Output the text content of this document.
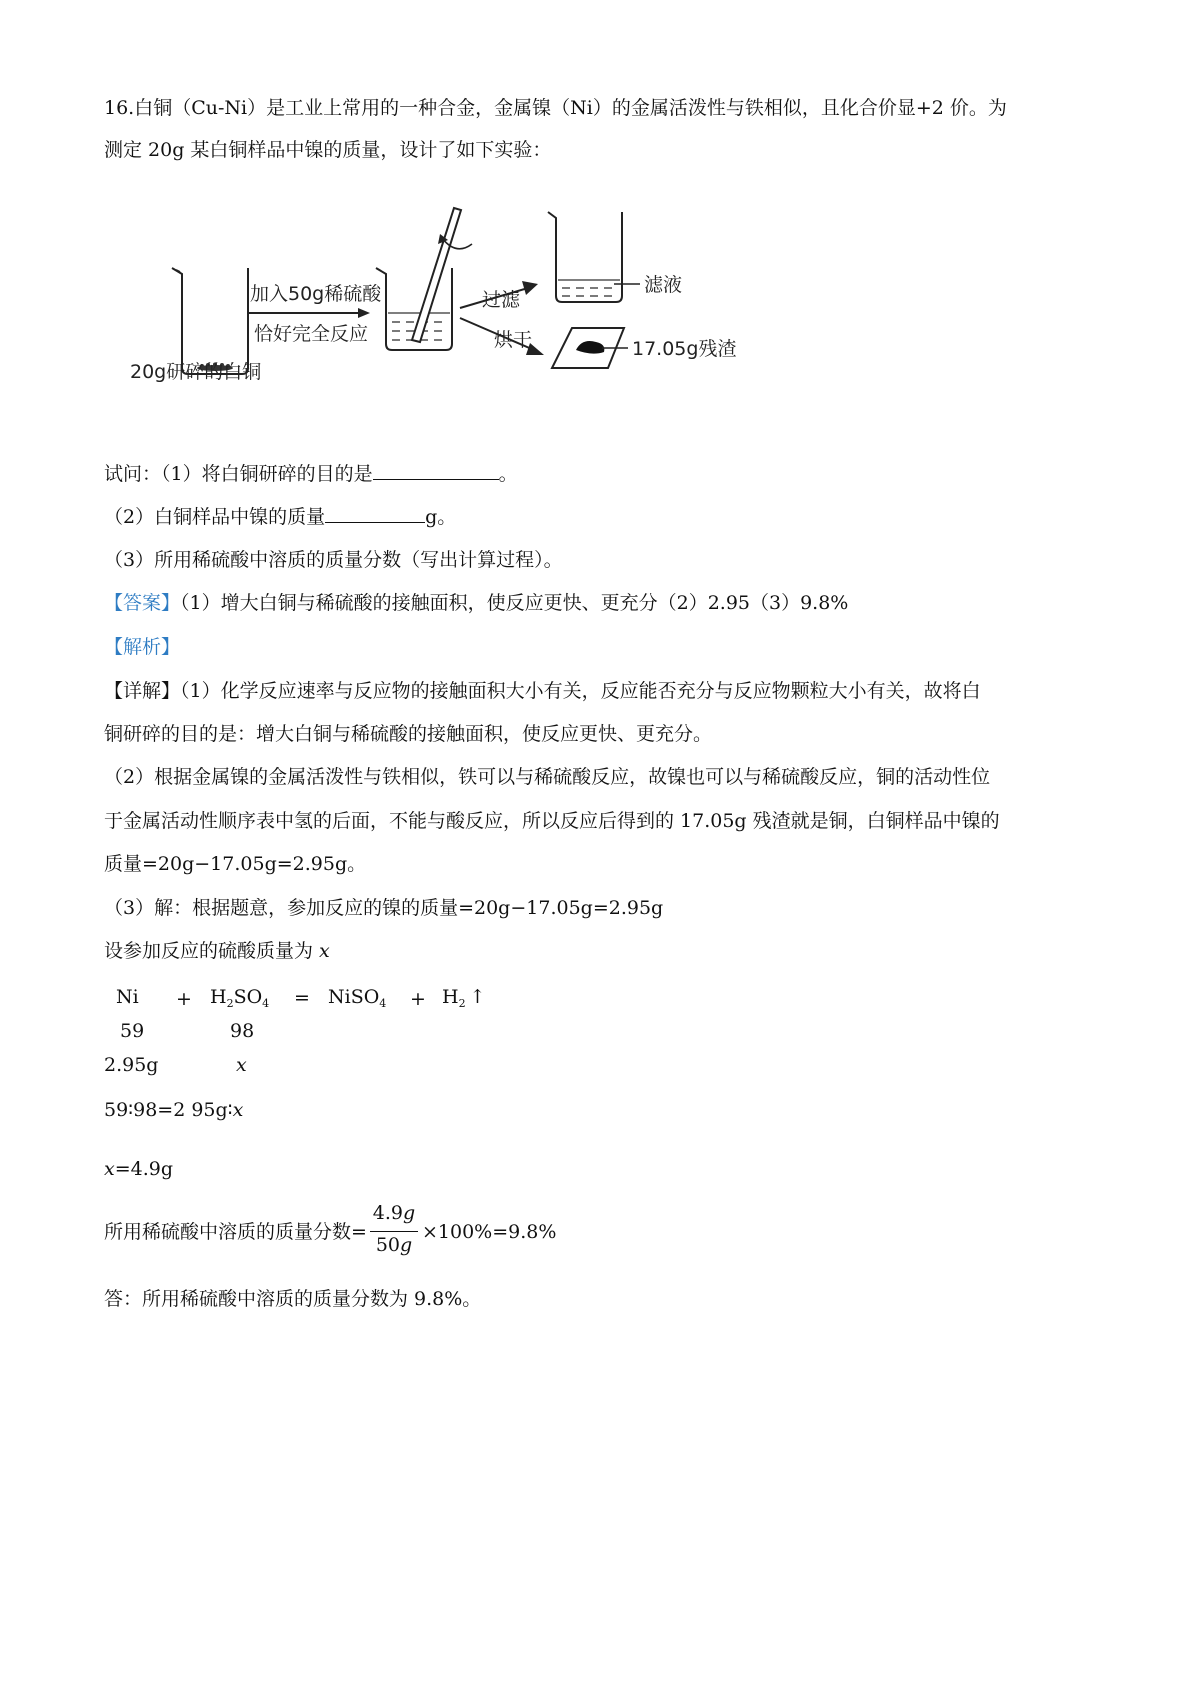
16.白铜（Cu-Ni）是工业上常用的一种合金，金属镍（Ni）的金属活泼性与铁相似，且化合价显+2 价。为
测定 20g 某白铜样品中镍的质量，设计了如下实验：
20g研碎的白铜
加入50g稀硫酸
恰好完全反应
过滤
烘干
滤液
17.05g残渣
试问：（1）将白铜研碎的目的是	。
（2）白铜样品中镍的质量	g。
（3）所用稀硫酸中溶质的质量分数（写出计算过程）。
【答案】（1）增大白铜与稀硫酸的接触面积，使反应更快、更充分（2）2.95（3）9.8%
【解析】
【详解】（1）化学反应速率与反应物的接触面积大小有关，反应能否充分与反应物颗粒大小有关，故将白
铜研碎的目的是：增大白铜与稀硫酸的接触面积，使反应更快、更充分。
（2）根据金属镍的金属活泼性与铁相似，铁可以与稀硫酸反应，故镍也可以与稀硫酸反应，铜的活动性位
于金属活动性顺序表中氢的后面，不能与酸反应，所以反应后得到的 17.05g 残渣就是铜，白铜样品中镍的
质量=20g−17.05g=2.95g。
（3）解：根据题意，参加反应的镍的质量=20g−17.05g=2.95g
设参加反应的硫酸质量为 x
$Ni + H_2SO_4$ = NiSO$_4$ + $H_2$ ↑
59	98
2.95g	x
59∶98=2 95g∶x
x=4.9g
所用稀硫酸中溶质的质量分数=
4.9g
50g
×100%=9.8%
答：所用稀硫酸中溶质的质量分数为 9.8%。
